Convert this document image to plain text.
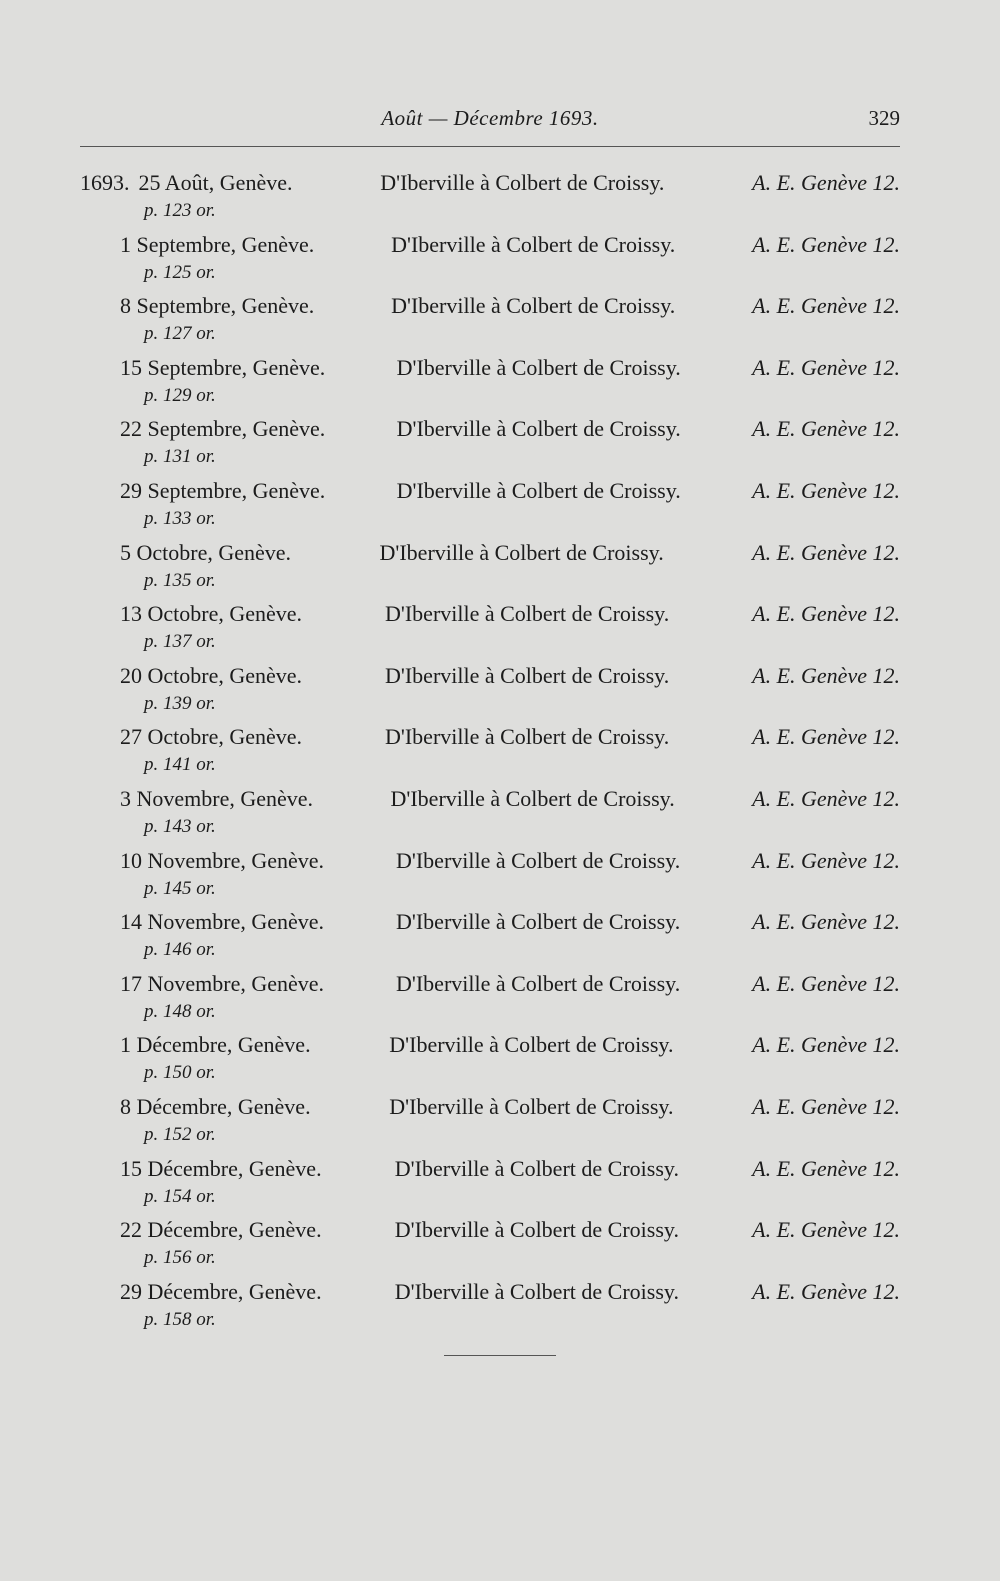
Août — Décembre 1693.	329
1693. 25 Août, Genève.	D'Iberville à Colbert de Croissy.	A. E. Genève 12.
p. 123 or.
1 Septembre, Genève.	D'Iberville à Colbert de Croissy.	A. E. Genève 12.
p. 125 or.
8 Septembre, Genève.	D'Iberville à Colbert de Croissy.	A. E. Genève 12.
p. 127 or.
15 Septembre, Genève.	D'Iberville à Colbert de Croissy.	A. E. Genève 12.
p. 129 or.
22 Septembre, Genève.	D'Iberville à Colbert de Croissy.	A. E. Genève 12.
p. 131 or.
29 Septembre, Genève.	D'Iberville à Colbert de Croissy.	A. E. Genève 12.
p. 133 or.
5 Octobre, Genève.	D'Iberville à Colbert de Croissy.	A. E. Genève 12.
p. 135 or.
13 Octobre, Genève.	D'Iberville à Colbert de Croissy.	A. E. Genève 12.
p. 137 or.
20 Octobre, Genève.	D'Iberville à Colbert de Croissy.	A. E. Genève 12.
p. 139 or.
27 Octobre, Genève.	D'Iberville à Colbert de Croissy.	A. E. Genève 12.
p. 141 or.
3 Novembre, Genève.	D'Iberville à Colbert de Croissy.	A. E. Genève 12.
p. 143 or.
10 Novembre, Genève.	D'Iberville à Colbert de Croissy.	A. E. Genève 12.
p. 145 or.
14 Novembre, Genève.	D'Iberville à Colbert de Croissy.	A. E. Genève 12.
p. 146 or.
17 Novembre, Genève.	D'Iberville à Colbert de Croissy.	A. E. Genève 12.
p. 148 or.
1 Décembre, Genève.	D'Iberville à Colbert de Croissy.	A. E. Genève 12.
p. 150 or.
8 Décembre, Genève.	D'Iberville à Colbert de Croissy.	A. E. Genève 12.
p. 152 or.
15 Décembre, Genève.	D'Iberville à Colbert de Croissy.	A. E. Genève 12.
p. 154 or.
22 Décembre, Genève.	D'Iberville à Colbert de Croissy.	A. E. Genève 12.
p. 156 or.
29 Décembre, Genève.	D'Iberville à Colbert de Croissy.	A. E. Genève 12.
p. 158 or.
